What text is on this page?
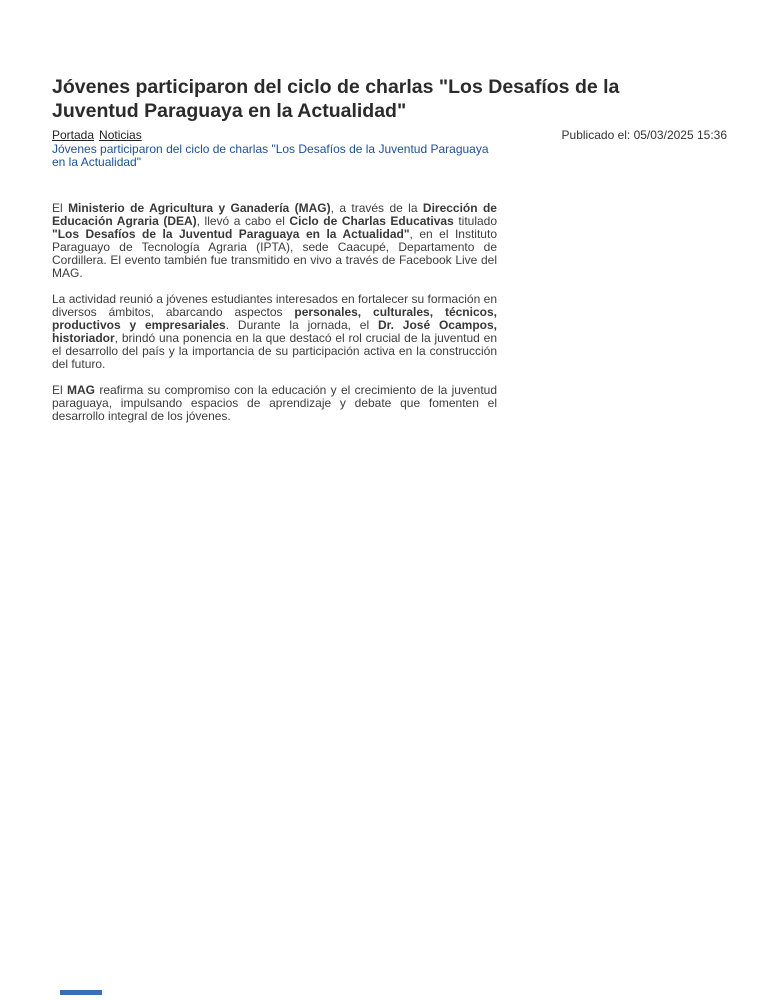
Jóvenes participaron del ciclo de charlas "Los Desafíos de la Juventud Paraguaya en la Actualidad"
Portada Noticias
Jóvenes participaron del ciclo de charlas "Los Desafíos de la Juventud Paraguaya en la Actualidad"
Publicado el: 05/03/2025 15:36

El Ministerio de Agricultura y Ganadería (MAG), a través de la Dirección de Educación Agraria (DEA), llevó a cabo el Ciclo de Charlas Educativas titulado "Los Desafíos de la Juventud Paraguaya en la Actualidad", en el Instituto Paraguayo de Tecnología Agraria (IPTA), sede Caacupé, Departamento de Cordillera. El evento también fue transmitido en vivo a través de Facebook Live del MAG.

La actividad reunió a jóvenes estudiantes interesados en fortalecer su formación en diversos ámbitos, abarcando aspectos personales, culturales, técnicos, productivos y empresariales. Durante la jornada, el Dr. José Ocampos, historiador, brindó una ponencia en la que destacó el rol crucial de la juventud en el desarrollo del país y la importancia de su participación activa en la construcción del futuro.

El MAG reafirma su compromiso con la educación y el crecimiento de la juventud paraguaya, impulsando espacios de aprendizaje y debate que fomenten el desarrollo integral de los jóvenes.
